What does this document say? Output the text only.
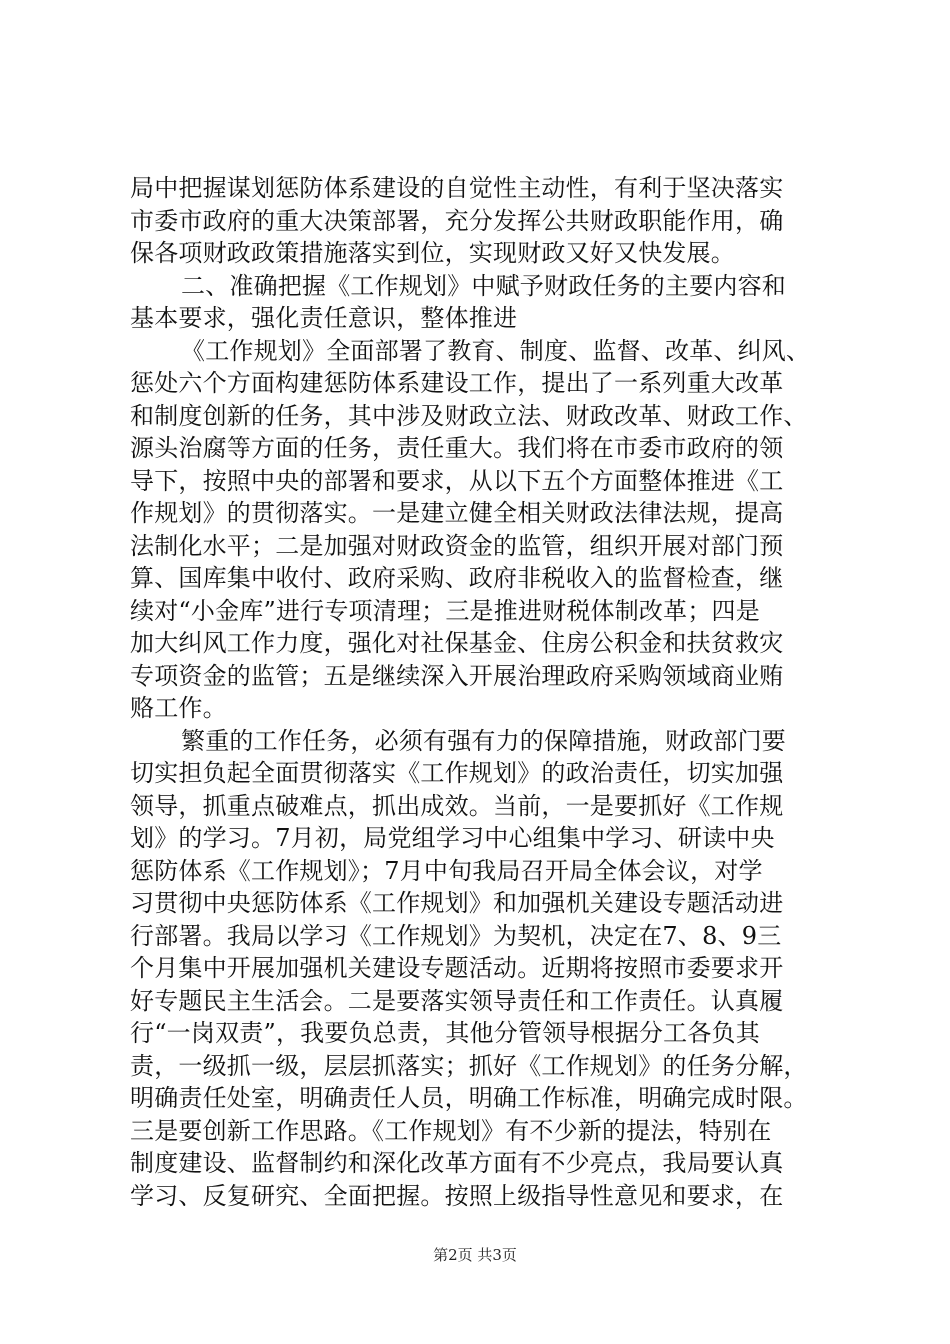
局中把握谋划惩防体系建设的自觉性主动性，有利于坚决落实
市委市政府的重大决策部署，充分发挥公共财政职能作用，确
保各项财政政策措施落实到位，实现财政又好又快发展。
二、准确把握《工作规划》中赋予财政任务的主要内容和
基本要求，强化责任意识，整体推进
《工作规划》全面部署了教育、制度、监督、改革、纠风、
惩处六个方面构建惩防体系建设工作，提出了一系列重大改革
和制度创新的任务，其中涉及财政立法、财政改革、财政工作、
源头治腐等方面的任务，责任重大。我们将在市委市政府的领
导下，按照中央的部署和要求，从以下五个方面整体推进《工
作规划》的贯彻落实。一是建立健全相关财政法律法规，提高
法制化水平；二是加强对财政资金的监管，组织开展对部门预
算、国库集中收付、政府采购、政府非税收入的监督检查，继
续对“小金库”进行专项清理；三是推进财税体制改革；四是
加大纠风工作力度，强化对社保基金、住房公积金和扶贫救灾
专项资金的监管；五是继续深入开展治理政府采购领域商业贿
赂工作。
繁重的工作任务，必须有强有力的保障措施，财政部门要
切实担负起全面贯彻落实《工作规划》的政治责任，切实加强
领导，抓重点破难点，抓出成效。当前，一是要抓好《工作规
划》的学习。7月初，局党组学习中心组集中学习、研读中央
惩防体系《工作规划》；7月中旬我局召开局全体会议，对学
习贯彻中央惩防体系《工作规划》和加强机关建设专题活动进
行部署。我局以学习《工作规划》为契机，决定在7、8、9三
个月集中开展加强机关建设专题活动。近期将按照市委要求开
好专题民主生活会。二是要落实领导责任和工作责任。认真履
行“一岗双责”，我要负总责，其他分管领导根据分工各负其
责，一级抓一级，层层抓落实；抓好《工作规划》的任务分解，
明确责任处室，明确责任人员，明确工作标准，明确完成时限。
三是要创新工作思路。《工作规划》有不少新的提法，特别在
制度建设、监督制约和深化改革方面有不少亮点，我局要认真
学习、反复研究、全面把握。按照上级指导性意见和要求，在
第2页 共3页
